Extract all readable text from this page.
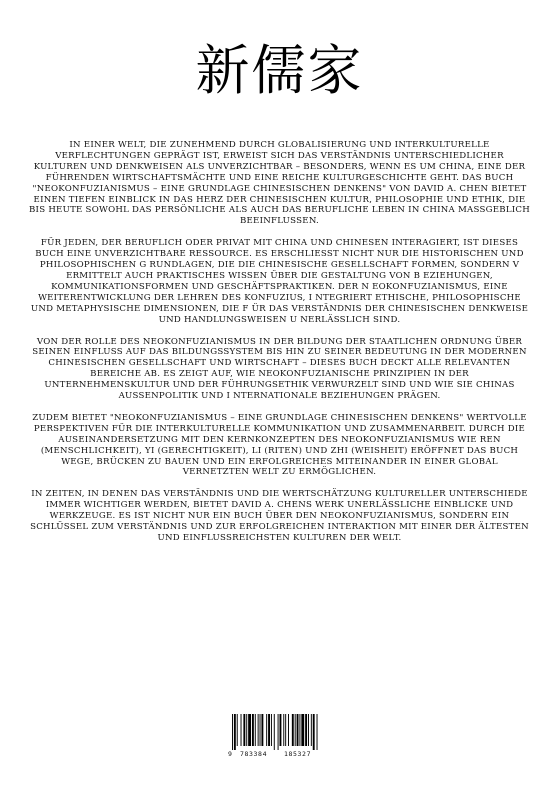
新儒家

IN EINER WELT, DIE ZUNEHMEND DURCH GLOBALISIERUNG UND INTERKULTURELLE VERFLECHTUNGEN GEPRÄGT IST, ERWEIST SICH DAS VERSTÄNDNIS UNTERSCHIEDLICHER KULTUREN UND DENKWEISEN ALS UNVERZICHTBAR – BESONDERS, WENN ES UM CHINA, EINE DER FÜHRENDEN WIRTSCHAFTSMÄCHTE UND EINE REICHE KULTURGESCHICHTE GEHT. DAS BUCH "NEOKONFUZIANISMUS – EINE GRUNDLAGE CHINESISCHEN DENKENS" VON DAVID A. CHEN BIETET EINEN TIEFEN EINBLICK IN DAS HERZ DER CHINESISCHEN KULTUR, PHILOSOPHIE UND ETHIK, DIE BIS HEUTE SOWOHL DAS PERSÖNLICHE ALS AUCH DAS BERUFLICHE LEBEN IN CHINA MASSGEBLICH BEEINFLUSSEN.

FÜR JEDEN, DER BERUFLICH ODER PRIVAT MIT CHINA UND CHINESEN INTERAGIERT, IST DIESES BUCH EINE UNVERZICHTBARE RESSOURCE. ES ERSCHLIESST NICHT NUR DIE HISTORISCHEN UND PHILOSOPHISCHEN G RUNDLAGEN, DIE DIE CHINESISCHE GESELLSCHAFT FORMEN, SONDERN V ERMITTELT AUCH PRAKTISCHES WISSEN ÜBER DIE GESTALTUNG VON B EZIEHUNGEN, KOMMUNIKATIONSFORMEN UND GESCHÄFTSPRAKTIKEN. DER N EOKONFUZIANISMUS, EINE WEITERENTWICKLUNG DER LEHREN DES KONFUZIUS, I NTEGRIERT ETHISCHE, PHILOSOPHISCHE UND METAPHYSISCHE DIMENSIONEN, DIE F ÜR DAS VERSTÄNDNIS DER CHINESISCHEN DENKWEISE UND HANDLUNGSWEISEN U NERLÄSSLICH SIND.

VON DER ROLLE DES NEOKONFUZIANISMUS IN DER BILDUNG DER STAATLICHEN ORDNUNG ÜBER SEINEN EINFLUSS AUF DAS BILDUNGSSYSTEM BIS HIN ZU SEINER BEDEUTUNG IN DER MODERNEN CHINESISCHEN GESELLSCHAFT UND WIRTSCHAFT – DIESES BUCH DECKT ALLE RELEVANTEN BEREICHE AB. ES ZEIGT AUF, WIE NEOKONFUZIANISCHE PRINZIPIEN IN DER UNTERNEHMENSKULTUR UND DER FÜHRUNGSETHIK VERWURZELT SIND UND WIE SIE CHINAS AUSSENPOLITIK UND I NTERNATIONALE BEZIEHUNGEN PRÄGEN.

ZUDEM BIETET "NEOKONFUZIANISMUS – EINE GRUNDLAGE CHINESISCHEN DENKENS" WERTVOLLE PERSPEKTIVEN FÜR DIE INTERKULTURELLE KOMMUNIKATION UND ZUSAMMENARBEIT. DURCH DIE AUSEINANDERSETZUNG MIT DEN KERNKONZEPTEN DES NEOKONFUZIANISMUS WIE REN (MENSCHLICHKEIT), YI (GERECHTIGKEIT), LI (RITEN) UND ZHI (WEISHEIT) ERÖFFNET DAS BUCH WEGE, BRÜCKEN ZU BAUEN UND EIN ERFOLGREICHES MITEINANDER IN EINER GLOBAL VERNETZTEN WELT ZU ERMÖGLICHEN.

IN ZEITEN, IN DENEN DAS VERSTÄNDNIS UND DIE WERTSCHÄTZUNG KULTURELLER UNTERSCHIEDE IMMER WICHTIGER WERDEN, BIETET DAVID A. CHENS WERK UNERLÄSSLICHE EINBLICKE UND WERKZEUGE. ES IST NICHT NUR EIN BUCH ÜBER DEN NEOKONFUZIANISMUS, SONDERN EIN SCHLÜSSEL ZUM VERSTÄNDNIS UND ZUR ERFOLGREICHEN INTERAKTION MIT EINER DER ÄLTESTEN UND EINFLUSSREICHSTEN KULTUREN DER WELT.

9 783384	185327
